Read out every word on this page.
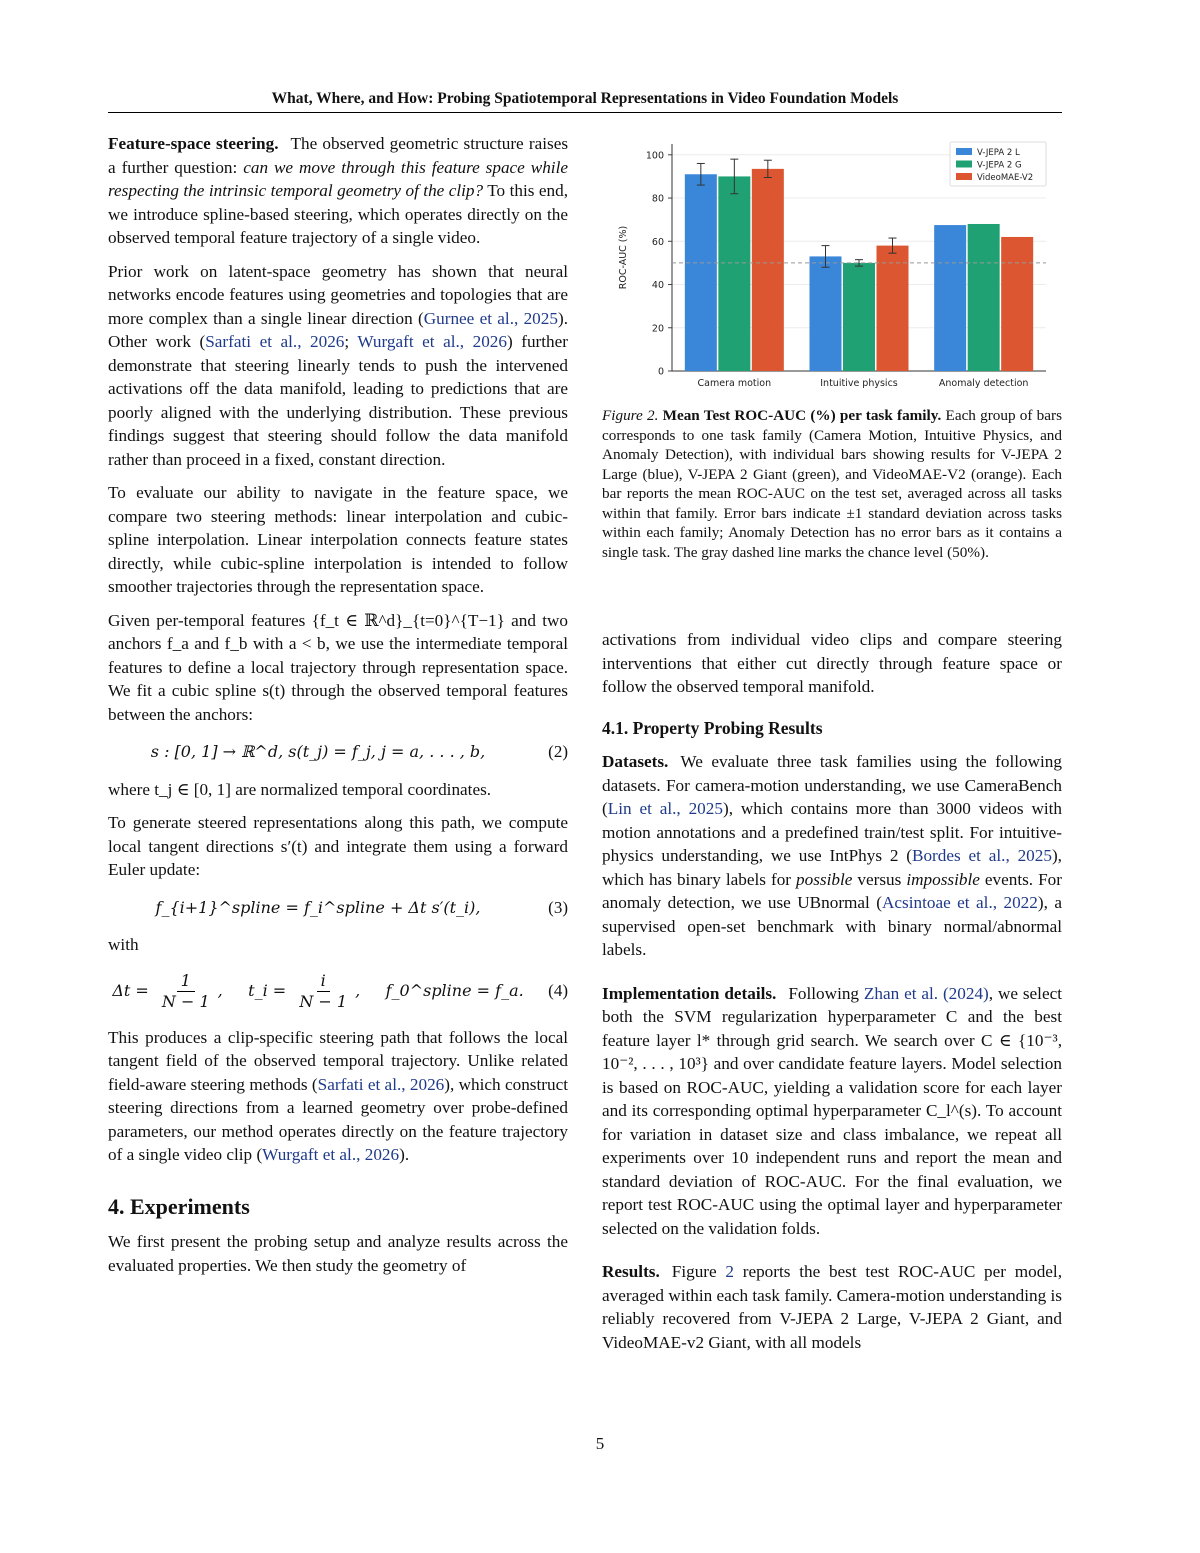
What, Where, and How: Probing Spatiotemporal Representations in Video Foundation Models

Feature-space steering. The observed geometric structure raises a further question: can we move through this feature space while respecting the intrinsic temporal geometry of the clip? To this end, we introduce spline-based steering, which operates directly on the observed temporal feature trajectory of a single video.

Prior work on latent-space geometry has shown that neural networks encode features using geometries and topologies that are more complex than a single linear direction (Gurnee et al., 2025). Other work (Sarfati et al., 2026; Wurgaft et al., 2026) further demonstrate that steering linearly tends to push the intervened activations off the data manifold, leading to predictions that are poorly aligned with the underlying distribution. These previous findings suggest that steering should follow the data manifold rather than proceed in a fixed, constant direction.

To evaluate our ability to navigate in the feature space, we compare two steering methods: linear interpolation and cubic-spline interpolation. Linear interpolation connects feature states directly, while cubic-spline interpolation is intended to follow smoother trajectories through the representation space.

Given per-temporal features {f_t ∈ ℝ^d}_{t=0}^{T−1} and two anchors f_a and f_b with a < b, we use the intermediate temporal features to define a local trajectory through representation space. We fit a cubic spline s(t) through the observed temporal features between the anchors:

s : [0, 1] → ℝ^d, s(t_j) = f_j, j = a, . . . , b,	(2)

where t_j ∈ [0, 1] are normalized temporal coordinates.

To generate steered representations along this path, we compute local tangent directions s′(t) and integrate them using a forward Euler update:

f_{i+1}^spline = f_i^spline + Δt s′(t_i),	(3)

with

$\Delta t = \frac{1}{N - 1}$ ,     t_i = $\frac{i}{N - 1}$ ,     f_0^spline = f_a.	(4)

This produces a clip-specific steering path that follows the local tangent field of the observed temporal trajectory. Unlike related field-aware steering methods (Sarfati et al., 2026), which construct steering directions from a learned geometry over probe-defined parameters, our method operates directly on the feature trajectory of a single video clip (Wurgaft et al., 2026).

4. Experiments

We first present the probing setup and analyze results across the evaluated properties. We then study the geometry of

0
20
40
60
80
100
ROC-AUC (%)
Camera motion	Intuitive physics	Anomaly detection
V-JEPA 2 L
V-JEPA 2 G
VideoMAE-V2
Figure 2. Mean Test ROC-AUC (%) per task family. Each group of bars corresponds to one task family (Camera Motion, Intuitive Physics, and Anomaly Detection), with individual bars showing results for V-JEPA 2 Large (blue), V-JEPA 2 Giant (green), and VideoMAE-V2 (orange). Each bar reports the mean ROC-AUC on the test set, averaged across all tasks within that family. Error bars indicate ±1 standard deviation across tasks within each family; Anomaly Detection has no error bars as it contains a single task. The gray dashed line marks the chance level (50%).

activations from individual video clips and compare steering interventions that either cut directly through feature space or follow the observed temporal manifold.

4.1. Property Probing Results

Datasets. We evaluate three task families using the following datasets. For camera-motion understanding, we use CameraBench (Lin et al., 2025), which contains more than 3000 videos with motion annotations and a predefined train/test split. For intuitive-physics understanding, we use IntPhys 2 (Bordes et al., 2025), which has binary labels for possible versus impossible events. For anomaly detection, we use UBnormal (Acsintoae et al., 2022), a supervised open-set benchmark with binary normal/abnormal labels.

Implementation details. Following Zhan et al. (2024), we select both the SVM regularization hyperparameter C and the best feature layer l* through grid search. We search over C ∈ {10⁻³, 10⁻², . . . , 10³} and over candidate feature layers. Model selection is based on ROC-AUC, yielding a validation score for each layer and its corresponding optimal hyperparameter C_l^(s). To account for variation in dataset size and class imbalance, we repeat all experiments over 10 independent runs and report the mean and standard deviation of ROC-AUC. For the final evaluation, we report test ROC-AUC using the optimal layer and hyperparameter selected on the validation folds.

Results. Figure 2 reports the best test ROC-AUC per model, averaged within each task family. Camera-motion understanding is reliably recovered from V-JEPA 2 Large, V-JEPA 2 Giant, and VideoMAE-v2 Giant, with all models

5
